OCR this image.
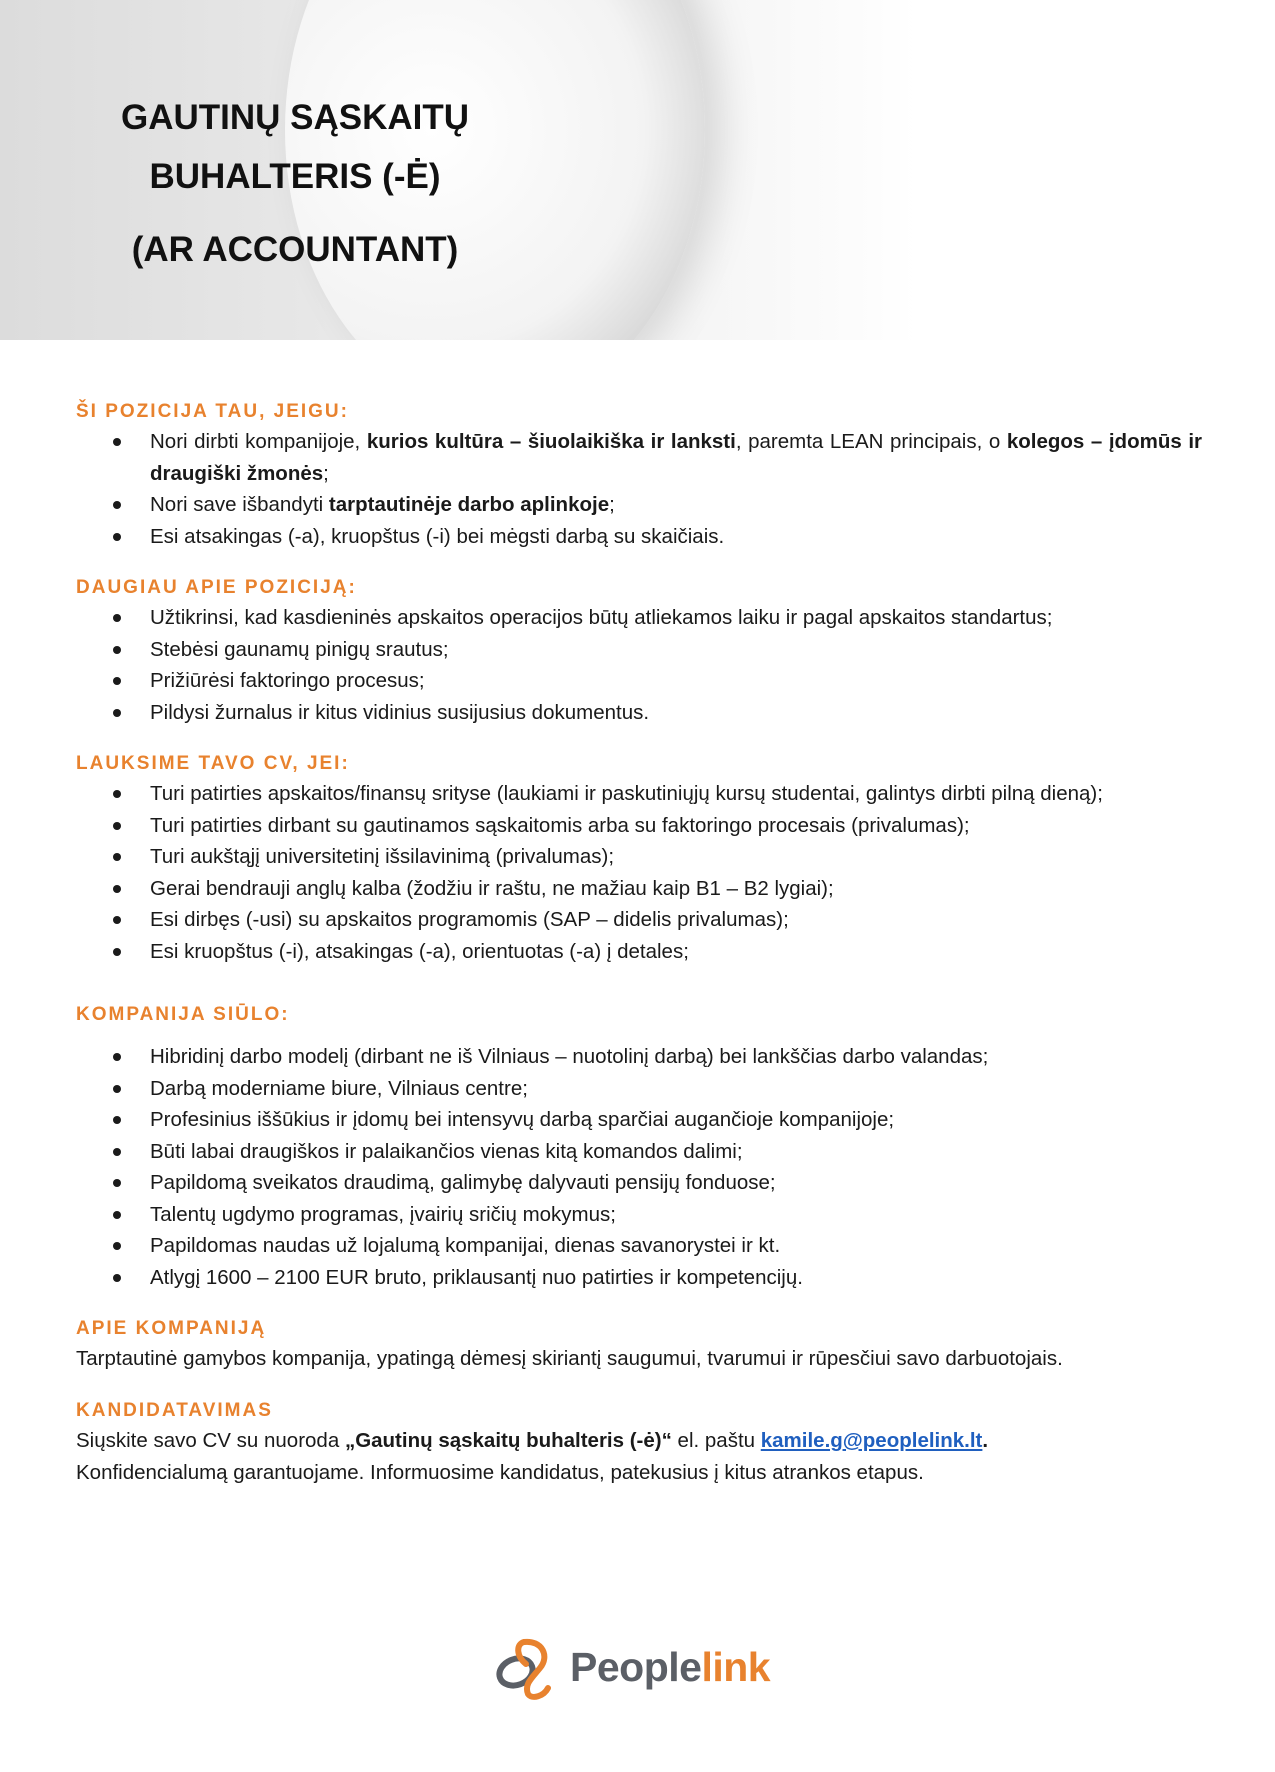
GAUTINŲ SĄSKAITŲ
BUHALTERIS (-Ė)
(AR ACCOUNTANT)
ŠI POZICIJA TAU, JEIGU:
Nori dirbti kompanijoje, kurios kultūra – šiuolaikiška ir lanksti, paremta LEAN principais, o kolegos – įdomūs ir draugiški žmonės;
Nori save išbandyti tarptautinėje darbo aplinkoje;
Esi atsakingas (-a), kruopštus (-i) bei mėgsti darbą su skaičiais.
DAUGIAU APIE POZICIJĄ:
Užtikrinsi, kad kasdieninės apskaitos operacijos būtų atliekamos laiku ir pagal apskaitos standartus;
Stebėsi gaunamų pinigų srautus;
Prižiūrėsi faktoringo procesus;
Pildysi žurnalus ir kitus vidinius susijusius dokumentus.
LAUKSIME TAVO CV, JEI:
Turi patirties apskaitos/finansų srityse (laukiami ir paskutiniųjų kursų studentai, galintys dirbti pilną dieną);
Turi patirties dirbant su gautinamos sąskaitomis arba su faktoringo procesais (privalumas);
Turi aukštąjį universitetinį išsilavinimą (privalumas);
Gerai bendrauji anglų kalba (žodžiu ir raštu, ne mažiau kaip B1 – B2 lygiai);
Esi dirbęs (-usi) su apskaitos programomis (SAP – didelis privalumas);
Esi kruopštus (-i), atsakingas (-a), orientuotas (-a) į detales;
KOMPANIJA SIŪLO:
Hibridinį darbo modelį (dirbant ne iš Vilniaus – nuotolinį darbą) bei lankščias darbo valandas;
Darbą moderniame biure, Vilniaus centre;
Profesinius iššūkius ir įdomų bei intensyvų darbą sparčiai augančioje kompanijoje;
Būti labai draugiškos ir palaikančios vienas kitą komandos dalimi;
Papildomą sveikatos draudimą, galimybę dalyvauti pensijų fonduose;
Talentų ugdymo programas, įvairių sričių mokymus;
Papildomas naudas už lojalumą kompanijai, dienas savanorystei ir kt.
Atlygį 1600 – 2100 EUR bruto, priklausantį nuo patirties ir kompetencijų.
APIE KOMPANIJĄ

Tarptautinė gamybos kompanija, ypatingą dėmesį skiriantį saugumui, tvarumui ir rūpesčiui savo darbuotojais.

KANDIDATAVIMAS

Siųskite savo CV su nuoroda „Gautinų sąskaitų buhalteris (-ė)“ el. paštu kamile.g@peoplelink.lt.
Konfidencialumą garantuojame. Informuosime kandidatus, patekusius į kitus atrankos etapus.

Peoplelink
